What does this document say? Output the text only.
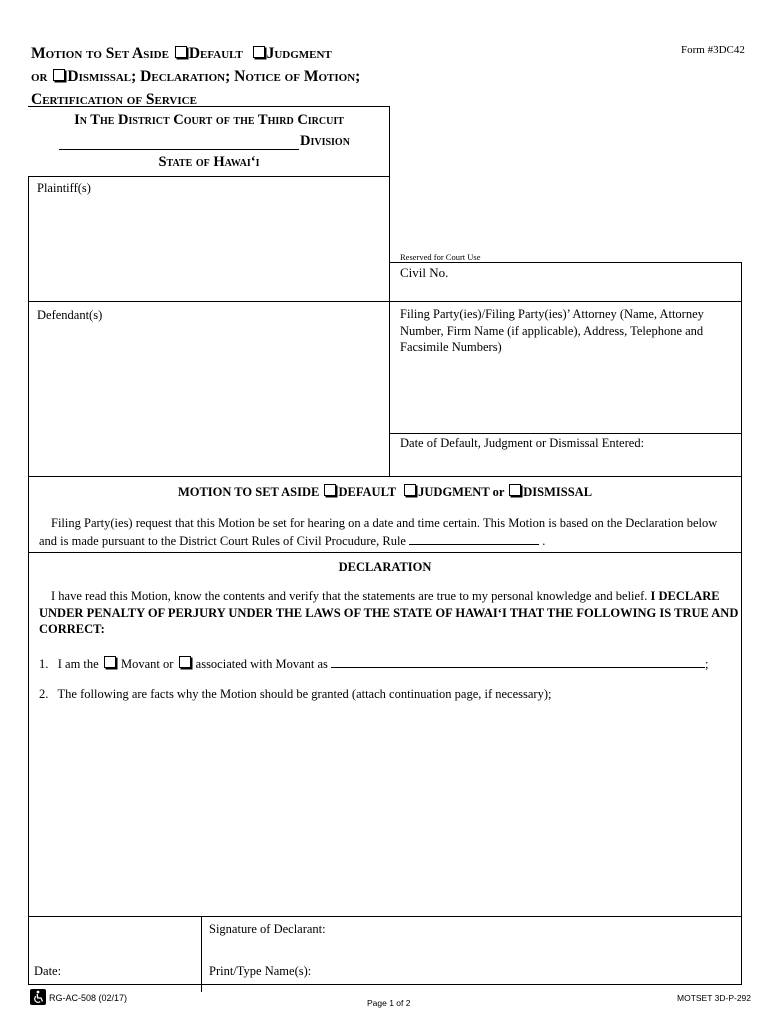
Form #3DC42
Motion to Set Aside Default Judgment
or Dismissal; Declaration; Notice of Motion;
Certification of Service
In The District Court of the Third Circuit
Division
State of Hawai‘i
Plaintiff(s)
Reserved for Court Use
Civil No.
Defendant(s)	Filing Party(ies)/Filing Party(ies)’ Attorney (Name, Attorney Number, Firm Name (if applicable), Address, Telephone and Facsimile Numbers)
Date of Default, Judgment or Dismissal Entered:
MOTION TO SET ASIDE DEFAULT JUDGMENT or DISMISSAL
Filing Party(ies) request that this Motion be set for hearing on a date and time certain. This Motion is based on the Declaration below
and is made pursuant to the District Court Rules of Civil Procudure, Rule	.
DECLARATION
I have read this Motion, know the contents and verify that the statements are true to my personal knowledge and belief. I DECLARE UNDER PENALTY OF PERJURY UNDER THE LAWS OF THE STATE OF HAWAI‘I THAT THE FOLLOWING IS TRUE AND CORRECT:
1. I am the Movant or associated with Movant as	;
2. The following are facts why the Motion should be granted (attach continuation page, if necessary);
Signature of Declarant:
Date:	Print/Type Name(s):
RG-AC-508 (02/17)	Page 1 of 2	MOTSET 3D-P-292
